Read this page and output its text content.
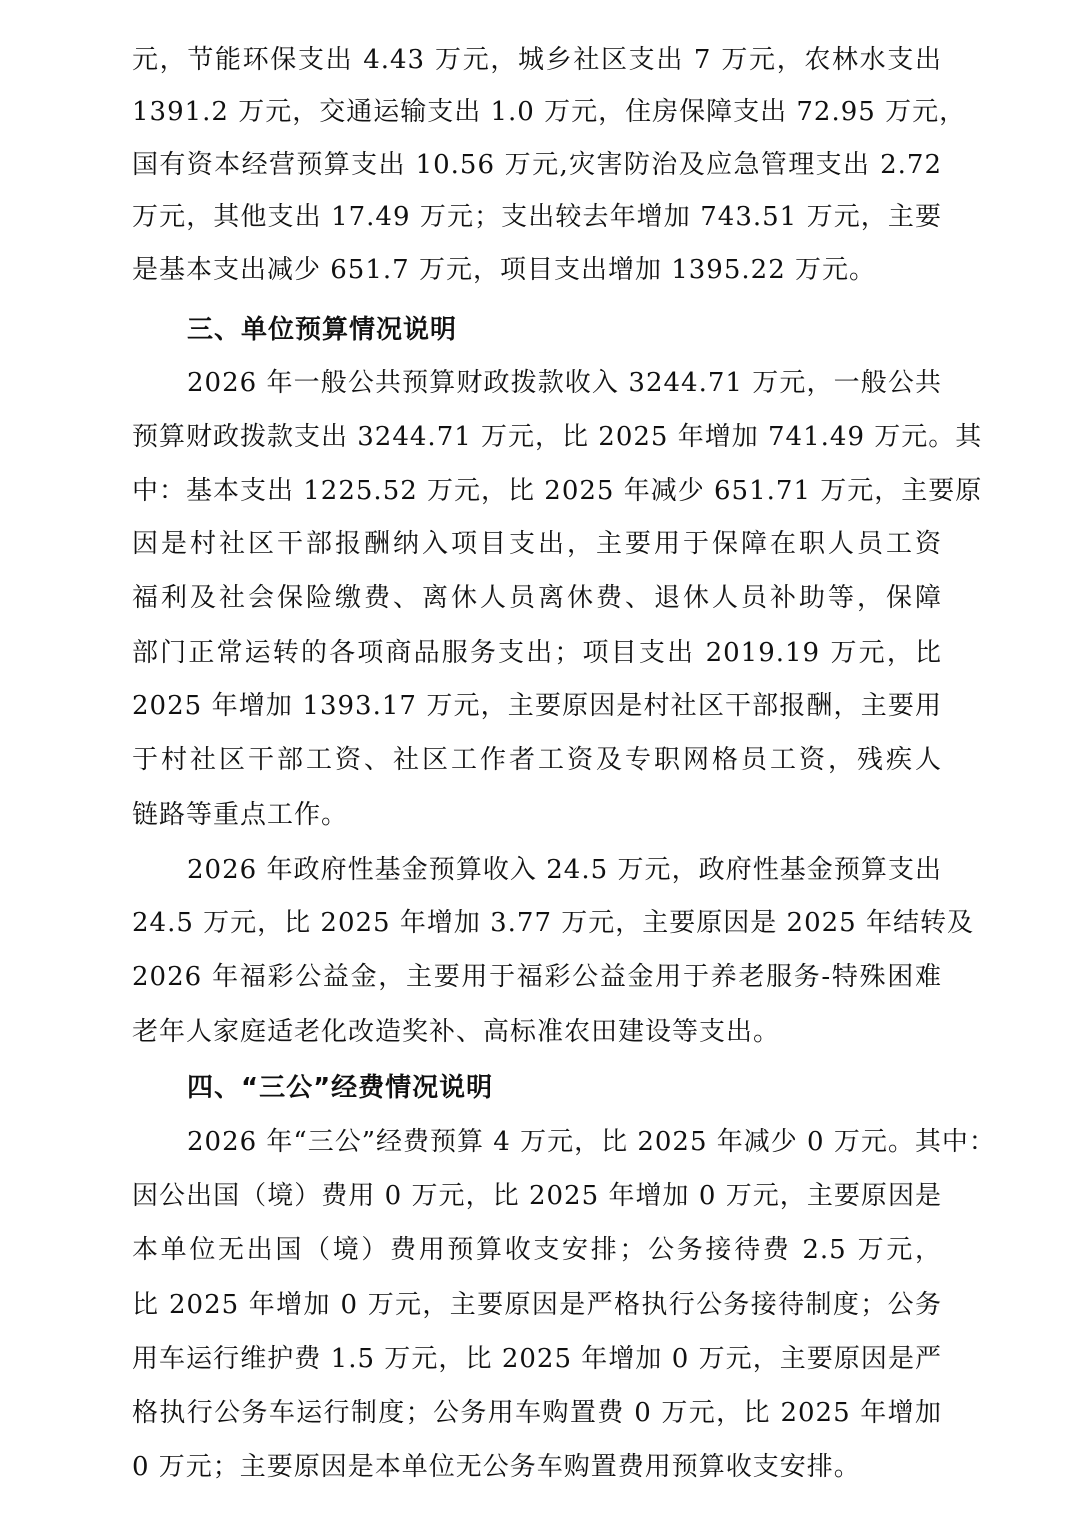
元，节能环保支出 4.43 万元，城乡社区支出 7 万元，农林水支出
1391.2 万元，交通运输支出 1.0 万元，住房保障支出 72.95 万元，
国有资本经营预算支出 10.56 万元,灾害防治及应急管理支出 2.72
万元，其他支出 17.49 万元；支出较去年增加 743.51 万元，主要
是基本支出减少 651.7 万元，项目支出增加 1395.22 万元。
三、单位预算情况说明
2026 年一般公共预算财政拨款收入 3244.71 万元，一般公共
预算财政拨款支出 3244.71 万元，比 2025 年增加 741.49 万元。其
中：基本支出 1225.52 万元，比 2025 年减少 651.71 万元，主要原
因是村社区干部报酬纳入项目支出，主要用于保障在职人员工资
福利及社会保险缴费、离休人员离休费、退休人员补助等，保障
部门正常运转的各项商品服务支出；项目支出 2019.19 万元，比
2025 年增加 1393.17 万元，主要原因是村社区干部报酬，主要用
于村社区干部工资、社区工作者工资及专职网格员工资，残疾人
链路等重点工作。
2026 年政府性基金预算收入 24.5 万元，政府性基金预算支出
24.5 万元，比 2025 年增加 3.77 万元，主要原因是 2025 年结转及
2026 年福彩公益金，主要用于福彩公益金用于养老服务-特殊困难
老年人家庭适老化改造奖补、高标准农田建设等支出。
四、“三公”经费情况说明
2026 年“三公”经费预算 4 万元，比 2025 年减少 0 万元。其中：
因公出国（境）费用 0 万元，比 2025 年增加 0 万元，主要原因是
本单位无出国（境）费用预算收支安排；公务接待费 2.5 万元，
比 2025 年增加 0 万元，主要原因是严格执行公务接待制度；公务
用车运行维护费 1.5 万元，比 2025 年增加 0 万元，主要原因是严
格执行公务车运行制度；公务用车购置费 0 万元，比 2025 年增加
0 万元；主要原因是本单位无公务车购置费用预算收支安排。
